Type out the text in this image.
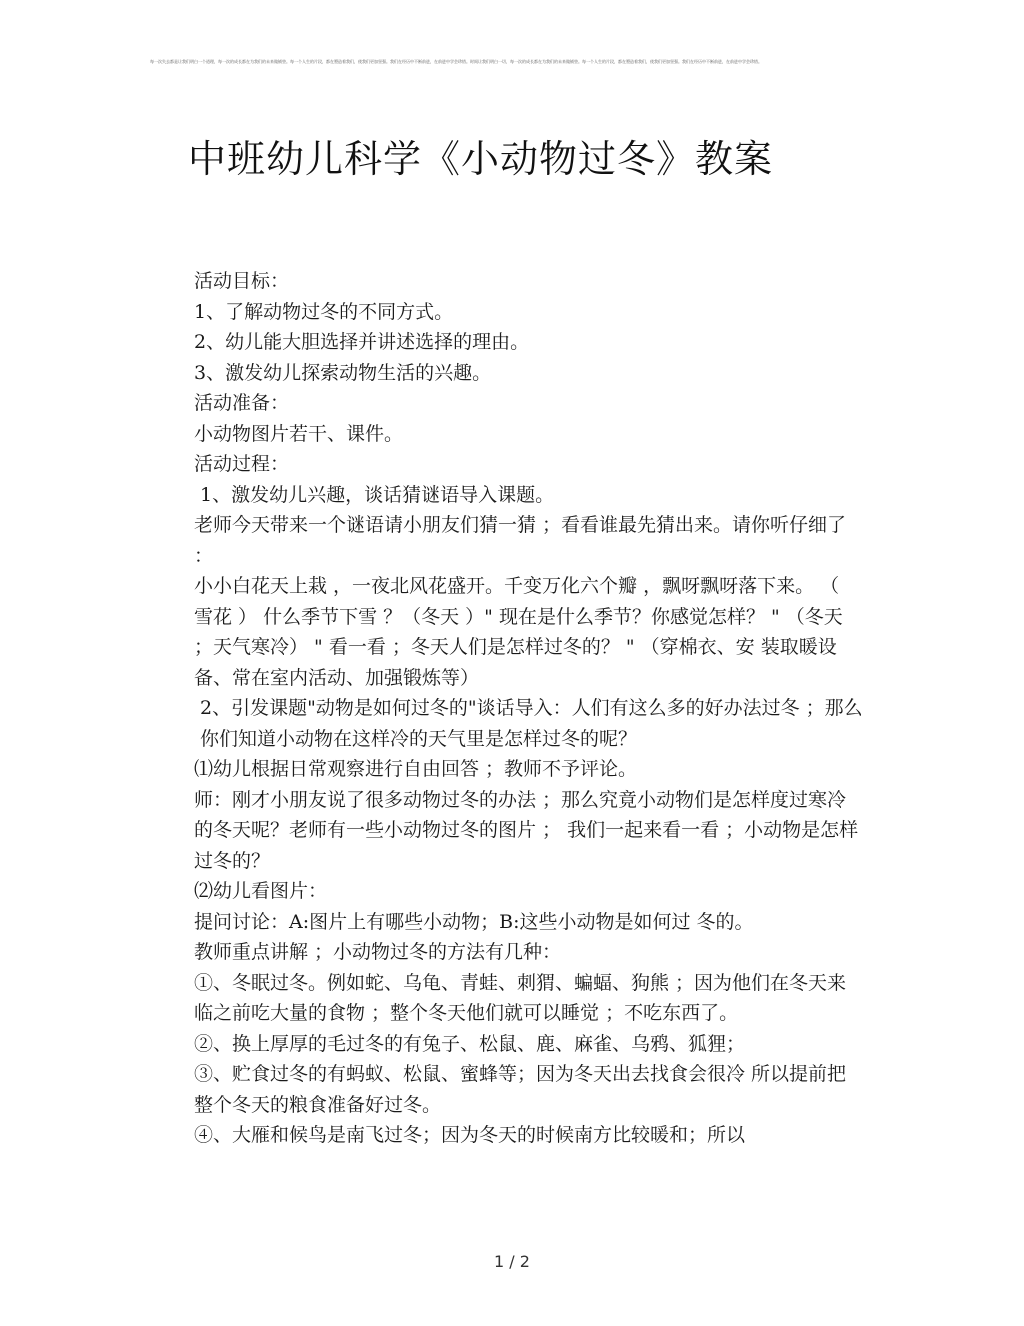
每一次失去都是让我们明白一个道理，每一次的成长都在为我们的未来做铺垫。每一个人生的片段，都在塑造着我们，使我们更加坚强。我们在经历中不断前进，在前进中学会珍惜。时间让我们明白一切，每一次的成长都在为我们的未来做铺垫。每一个人生的片段，都在塑造着我们，使我们更加坚强。我们在经历中不断前进，在前进中学会珍惜。
中班幼儿科学《小动物过冬》教案

活动目标：

1、了解动物过冬的不同方式。

2、幼儿能大胆选择并讲述选择的理由。

3、激发幼儿探索动物生活的兴趣。

活动准备：

小动物图片若干、课件。

活动过程：

1、激发幼儿兴趣，谈话猜谜语导入课题。

老师今天带来一个谜语请小朋友们猜一猜 ；看看谁最先猜出来。请你听仔细了 ：

小小白花天上栽 ，一夜北风花盛开。千变万化六个瓣 ，飘呀飘呀落下来。 （ 雪花 ） 什么季节下雪 ？（冬天 ）" 现在是什么季节？你感觉怎样？ " （冬天 ；天气寒冷） " 看一看 ；冬天人们是怎样过冬的？ " （穿棉衣、安 装取暖设备、常在室内活动、加强锻炼等）

2、引发课题"动物是如何过冬的"谈话导入：人们有这么多的好办法过冬 ；那么你们知道小动物在这样冷的天气里是怎样过冬的呢？

⑴幼儿根据日常观察进行自由回答 ；教师不予评论。

师：刚才小朋友说了很多动物过冬的办法 ；那么究竟小动物们是怎样度过寒冷的冬天呢？老师有一些小动物过冬的图片 ； 我们一起来看一看 ；小动物是怎样过冬的？

⑵幼儿看图片：

提问讨论：A:图片上有哪些小动物；B:这些小动物是如何过 冬的。

教师重点讲解 ；小动物过冬的方法有几种：

①、冬眠过冬。例如蛇、乌龟、青蛙、刺猬、蝙蝠、狗熊 ；因为他们在冬天来临之前吃大量的食物 ；整个冬天他们就可以睡觉 ；不吃东西了。

②、换上厚厚的毛过冬的有兔子、松鼠、鹿、麻雀、乌鸦、狐狸；

③、贮食过冬的有蚂蚁、松鼠、蜜蜂等；因为冬天出去找食会很冷 所以提前把整个冬天的粮食准备好过冬。

④、大雁和候鸟是南飞过冬；因为冬天的时候南方比较暖和；所以

1 / 2
